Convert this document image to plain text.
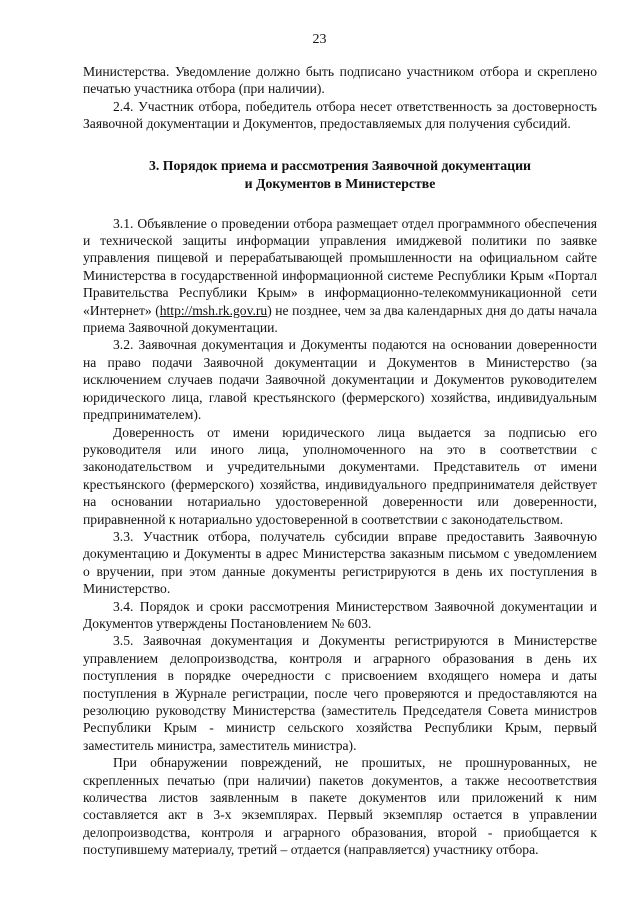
23

Министерства. Уведомление должно быть подписано участником отбора и скреплено печатью участника отбора (при наличии).

2.4. Участник отбора, победитель отбора несет ответственность за достоверность Заявочной документации и Документов, предоставляемых для получения субсидий.

3. Порядок приема и рассмотрения Заявочной документации
и Документов в Министерстве

3.1. Объявление о проведении отбора размещает отдел программного обеспечения и технической защиты информации управления имиджевой политики по заявке управления пищевой и перерабатывающей промышленности на официальном сайте Министерства в государственной информационной системе Республики Крым «Портал Правительства Республики Крым» в информационно-телекоммуникационной сети «Интернет» (http://msh.rk.gov.ru) не позднее, чем за два календарных дня до даты начала приема Заявочной документации.

3.2. Заявочная документация и Документы подаются на основании доверенности на право подачи Заявочной документации и Документов в Министерство (за исключением случаев подачи Заявочной документации и Документов руководителем юридического лица, главой крестьянского (фермерского) хозяйства, индивидуальным предпринимателем).

Доверенность от имени юридического лица выдается за подписью его руководителя или иного лица, уполномоченного на это в соответствии с законодательством и учредительными документами. Представитель от имени крестьянского (фермерского) хозяйства, индивидуального предпринимателя действует на основании нотариально удостоверенной доверенности или доверенности, приравненной к нотариально удостоверенной в соответствии с законодательством.

3.3. Участник отбора, получатель субсидии вправе предоставить Заявочную документацию и Документы в адрес Министерства заказным письмом с уведомлением о вручении, при этом данные документы регистрируются в день их поступления в Министерство.

3.4. Порядок и сроки рассмотрения Министерством Заявочной документации и Документов утверждены Постановлением № 603.

3.5. Заявочная документация и Документы регистрируются в Министерстве управлением делопроизводства, контроля и аграрного образования в день их поступления в порядке очередности с присвоением входящего номера и даты поступления в Журнале регистрации, после чего проверяются и предоставляются на резолюцию руководству Министерства (заместитель Председателя Совета министров Республики Крым - министр сельского хозяйства Республики Крым, первый заместитель министра, заместитель министра).

При обнаружении повреждений, не прошитых, не прошнурованных, не скрепленных печатью (при наличии) пакетов документов, а также несоответствия количества листов заявленным в пакете документов или приложений к ним составляется акт в 3-х экземплярах. Первый экземпляр остается в управлении делопроизводства, контроля и аграрного образования, второй - приобщается к поступившему материалу, третий – отдается (направляется) участнику отбора.
